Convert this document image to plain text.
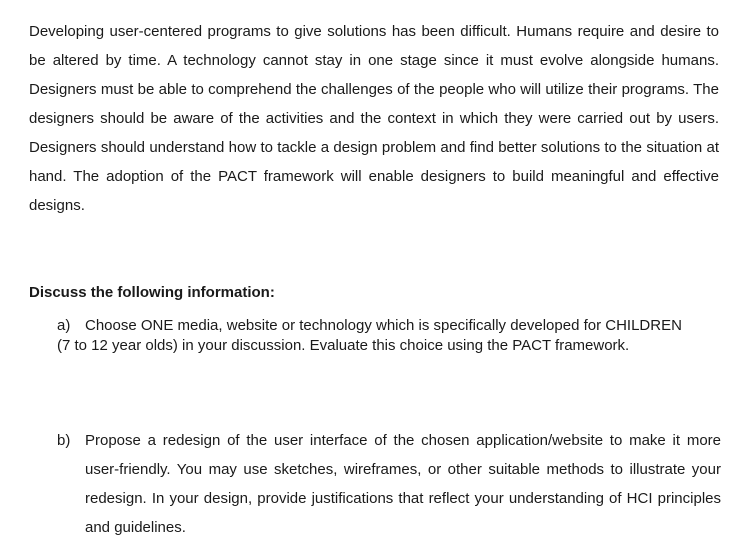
Developing user-centered programs to give solutions has been difficult. Humans require and desire to be altered by time. A technology cannot stay in one stage since it must evolve alongside humans. Designers must be able to comprehend the challenges of the people who will utilize their programs. The designers should be aware of the activities and the context in which they were carried out by users. Designers should understand how to tackle a design problem and find better solutions to the situation at hand. The adoption of the PACT framework will enable designers to build meaningful and effective designs.

Discuss the following information:

a) Choose ONE media, website or technology which is specifically developed for CHILDREN (7 to 12 year olds) in your discussion. Evaluate this choice using the PACT framework.

b) Propose a redesign of the user interface of the chosen application/website to make it more user-friendly. You may use sketches, wireframes, or other suitable methods to illustrate your redesign. In your design, provide justifications that reflect your understanding of HCI principles and guidelines.
